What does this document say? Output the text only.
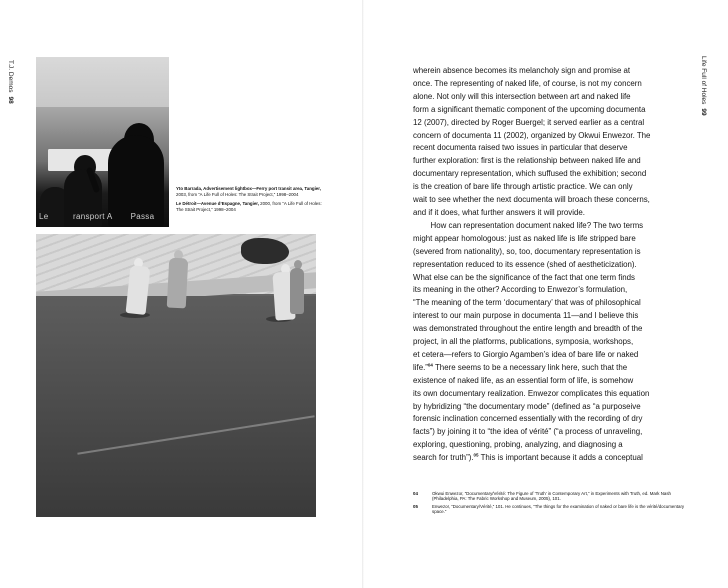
T.J. Demos98	Life Full of Holes99
Le	ransport A Passa

Yto Barrada, Advertisement lightbox—Ferry port transit area, Tangier, 2003, from “A Life Full of Holes: The Strait Project,” 1998–2004

Le Détroit—Avenue d’Espagne, Tangier, 2000, from “A Life Full of Holes: The Strait Project,” 1998–2004

wherein absence becomes its melancholy sign and promise at

once. The representing of naked life, of course, is not my concern

alone. Not only will this intersection between art and naked life

form a significant thematic component of the upcoming documenta

12 (2007), directed by Roger Buergel; it served earlier as a central

concern of documenta 11 (2002), organized by Okwui Enwezor. The

recent documenta raised two issues in particular that deserve

further exploration: first is the relationship between naked life and

documentary representation, which suffused the exhibition; second

is the creation of bare life through artistic practice. We can only

wait to see whether the next documenta will broach these concerns,

and if it does, what further answers it will provide.

How can representation document naked life? The two terms

might appear homologous: just as naked life is life stripped bare

(severed from nationality), so, too, documentary representation is

representation reduced to its essence (shed of aestheticization).

What else can be the significance of the fact that one term finds

its meaning in the other? According to Enwezor’s formulation,

“The meaning of the term ‘documentary’ that was of philosophical

interest to our main purpose in documenta 11—and I believe this

was demonstrated throughout the entire length and breadth of the

project, in all the platforms, publications, symposia, workshops,

et cetera—refers to Giorgio Agamben’s idea of bare life or naked

life.”$^{04}$ There seems to be a necessary link here, such that the

existence of naked life, as an essential form of life, is somehow

its own documentary realization. Enwezor complicates this equation

by hybridizing “the documentary mode” (defined as “a purposeive

forensic inclination concerned essentially with the recording of dry

facts”) by joining it to “the idea of vérité” (“a process of unraveling,

exploring, questioning, probing, analyzing, and diagnosing a

search for truth”).$^{05}$ This is important because it adds a conceptual

04	Okwui Enwezor, “Documentary/Vérité: The Figure of ‘Truth’ in Contemporary Art,” in Experiments with Truth, ed. Mark Nash (Philadelphia, PA: The Fabric Workshop and Museum, 2005), 101.
05	Enwezor, “Documentary/Vérité,” 101. He continues, “The things for the examination of naked or bare life is the vérité/documentary space.”
